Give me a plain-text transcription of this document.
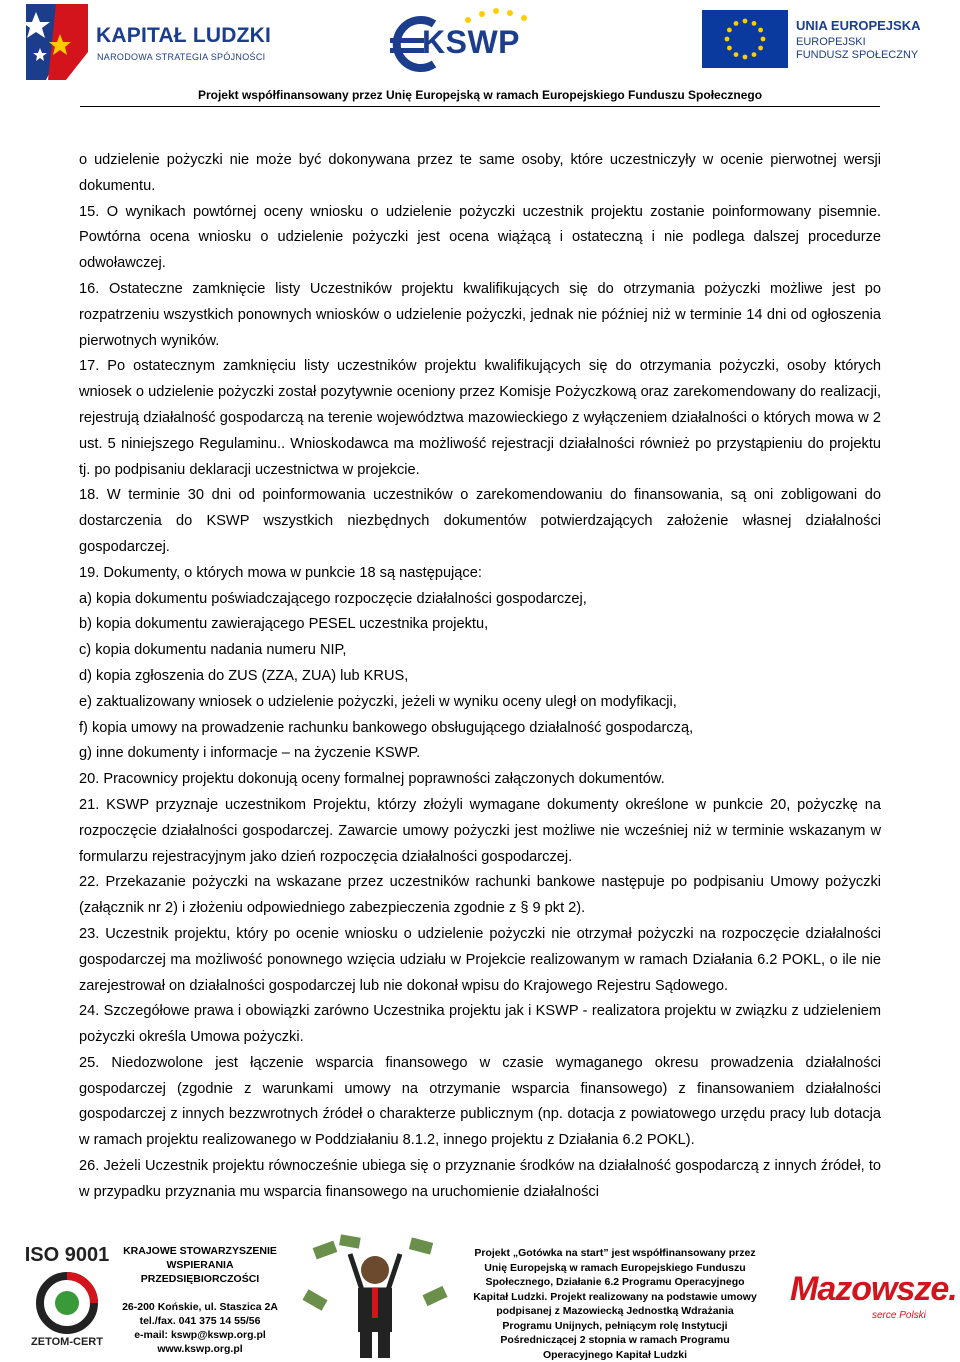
KAPITAŁ LUDZKI
NARODOWA STRATEGIA SPÓJNOŚCI	KSWP	UNIA EUROPEJSKA
EUROPEJSKI
FUNDUSZ SPOŁECZNY
Projekt współfinansowany przez Unię Europejską w ramach Europejskiego Funduszu Społecznego

o udzielenie pożyczki nie może być dokonywana przez te same osoby, które uczestniczyły w ocenie pierwotnej wersji dokumentu.

15. O wynikach powtórnej oceny wniosku o udzielenie pożyczki uczestnik projektu zostanie poinformowany pisemnie. Powtórna ocena wniosku o udzielenie pożyczki jest ocena wiążącą i ostateczną i nie podlega dalszej procedurze odwoławczej.

16. Ostateczne zamknięcie listy Uczestników projektu kwalifikujących się do otrzymania pożyczki możliwe jest po rozpatrzeniu wszystkich ponownych wniosków o udzielenie pożyczki, jednak nie później niż w terminie 14 dni od ogłoszenia pierwotnych wyników.

17. Po ostatecznym zamknięciu listy uczestników projektu kwalifikujących się do otrzymania pożyczki, osoby których wniosek o udzielenie pożyczki został pozytywnie oceniony przez Komisje Pożyczkową oraz zarekomendowany do realizacji, rejestrują działalność gospodarczą na terenie województwa mazowieckiego z wyłączeniem działalności o których mowa w 2 ust. 5 niniejszego Regulaminu.. Wnioskodawca ma możliwość rejestracji działalności również po przystąpieniu do projektu tj. po podpisaniu deklaracji uczestnictwa w projekcie.

18. W terminie 30 dni od poinformowania uczestników o zarekomendowaniu do finansowania, są oni zobligowani do dostarczenia do KSWP wszystkich niezbędnych dokumentów potwierdzających założenie własnej działalności gospodarczej.

19. Dokumenty, o których mowa w punkcie 18 są następujące:

a) kopia dokumentu poświadczającego rozpoczęcie działalności gospodarczej,

b) kopia dokumentu zawierającego PESEL uczestnika projektu,

c) kopia dokumentu nadania numeru NIP,

d) kopia zgłoszenia do ZUS (ZZA, ZUA) lub KRUS,

e) zaktualizowany wniosek o udzielenie pożyczki, jeżeli w wyniku oceny uległ on modyfikacji,

f) kopia umowy na prowadzenie rachunku bankowego obsługującego działalność gospodarczą,

g) inne dokumenty i informacje – na życzenie KSWP.

20. Pracownicy projektu dokonują oceny formalnej poprawności załączonych dokumentów.

21. KSWP przyznaje uczestnikom Projektu, którzy złożyli wymagane dokumenty określone w punkcie 20, pożyczkę na rozpoczęcie działalności gospodarczej. Zawarcie umowy pożyczki jest możliwe nie wcześniej niż w terminie wskazanym w formularzu rejestracyjnym jako dzień rozpoczęcia działalności gospodarczej.

22. Przekazanie pożyczki na wskazane przez uczestników rachunki bankowe następuje po podpisaniu Umowy pożyczki (załącznik nr 2) i złożeniu odpowiedniego zabezpieczenia zgodnie z § 9 pkt 2).

23. Uczestnik projektu, który po ocenie wniosku o udzielenie pożyczki nie otrzymał pożyczki na rozpoczęcie działalności gospodarczej ma możliwość ponownego wzięcia udziału w Projekcie realizowanym w ramach Działania 6.2 POKL, o ile nie zarejestrował on działalności gospodarczej lub nie dokonał wpisu do Krajowego Rejestru Sądowego.

24. Szczegółowe prawa i obowiązki zarówno Uczestnika projektu jak i KSWP - realizatora projektu w związku z udzieleniem pożyczki określa Umowa pożyczki.

25. Niedozwolone jest łączenie wsparcia finansowego w czasie wymaganego okresu prowadzenia działalności gospodarczej (zgodnie z warunkami umowy na otrzymanie wsparcia finansowego) z finansowaniem działalności gospodarczej z innych bezzwrotnych źródeł o charakterze publicznym (np. dotacja z powiatowego urzędu pracy lub dotacja w ramach projektu realizowanego w Poddziałaniu 8.1.2, innego projektu z Działania 6.2 POKL).

26. Jeżeli Uczestnik projektu równocześnie ubiega się o przyznanie środków na działalność gospodarczą z innych źródeł, to w przypadku przyznania mu wsparcia finansowego na uruchomienie działalności

ISO 9001
ZETOM-CERT
KRAJOWE STOWARZYSZENIE
WSPIERANIA
PRZEDSIĘBIORCZOŚCI
26-200 Końskie, ul. Staszica 2A
tel./fax. 041 375 14 55/56
e-mail: kswp@kswp.org.pl
www.kswp.org.pl
Projekt „Gotówka na start” jest współfinansowany przez
Unię Europejską w ramach Europejskiego Funduszu
Społecznego, Działanie 6.2 Programu Operacyjnego
Kapitał Ludzki. Projekt realizowany na podstawie umowy
podpisanej z Mazowiecką Jednostką Wdrażania
Programu Unijnych, pełniącym rolę Instytucji
Pośredniczącej 2 stopnia w ramach Programu
Operacyjnego Kapitał Ludzki
Mazowsze.
serce Polski
